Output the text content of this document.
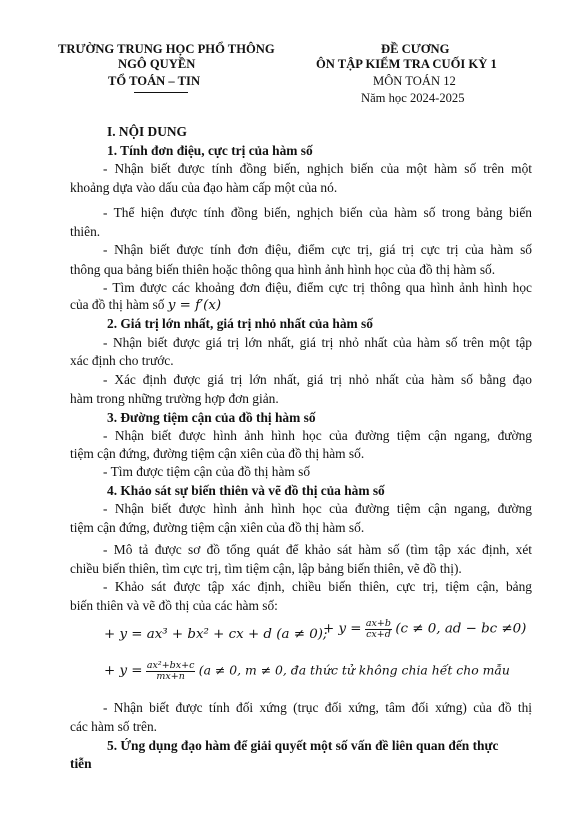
TRƯỜNG TRUNG HỌC PHỔ THÔNG
NGÔ QUYỀN
TỔ TOÁN – TIN
ĐỀ CƯƠNG
ÔN TẬP KIỂM TRA CUỐI KỲ 1
MÔN TOÁN 12
Năm học 2024-2025
I. NỘI DUNG
1. Tính đơn điệu, cực trị của hàm số
- Nhận biết được tính đồng biến, nghịch biến của một hàm số trên một
khoảng dựa vào dấu của đạo hàm cấp một của nó.
- Thể hiện được tính đồng biến, nghịch biến của hàm số trong bảng biến
thiên.
- Nhận biết được tính đơn điệu, điểm cực trị, giá trị cực trị của hàm số
thông qua bảng biến thiên hoặc thông qua hình ảnh hình học của đồ thị hàm số.
- Tìm được các khoảng đơn điệu, điểm cực trị thông qua hình ảnh hình học
của đồ thị hàm số y = f′(x)
2. Giá trị lớn nhất, giá trị nhỏ nhất của hàm số
- Nhận biết được giá trị lớn nhất, giá trị nhỏ nhất của hàm số trên một tập
xác định cho trước.
- Xác định được giá trị lớn nhất, giá trị nhỏ nhất của hàm số bằng đạo
hàm trong những trường hợp đơn giản.
3. Đường tiệm cận của đồ thị hàm số
- Nhận biết được hình ảnh hình học của đường tiệm cận ngang, đường
tiệm cận đứng, đường tiệm cận xiên của đồ thị hàm số.
- Tìm được tiệm cận của đồ thị hàm số
4. Khảo sát sự biến thiên và vẽ đồ thị của hàm số
- Nhận biết được hình ảnh hình học của đường tiệm cận ngang, đường
tiệm cận đứng, đường tiệm cận xiên của đồ thị hàm số.
- Mô tả được sơ đồ tổng quát để khảo sát hàm số (tìm tập xác định, xét
chiều biến thiên, tìm cực trị, tìm tiệm cận, lập bảng biến thiên, vẽ đồ thị).
- Khảo sát được tập xác định, chiều biến thiên, cực trị, tiệm cận, bảng
biến thiên và vẽ đồ thị của các hàm số:
+ y = ax³ + bx² + cx + d (a ≠ 0);
+ $y = \frac{ax+b}{cx+d} (c \ne 0$, ad − bc ≠0)
+ $y = \frac{\text{ax²+bx+c}}{mx+n} (a \ne 0$, m ≠ 0, đa thức tử không chia hết cho mẫu
- Nhận biết được tính đối xứng (trục đối xứng, tâm đối xứng) của đồ thị
các hàm số trên.
5. Ứng dụng đạo hàm để giải quyết một số vấn đề liên quan đến thực
tiễn
